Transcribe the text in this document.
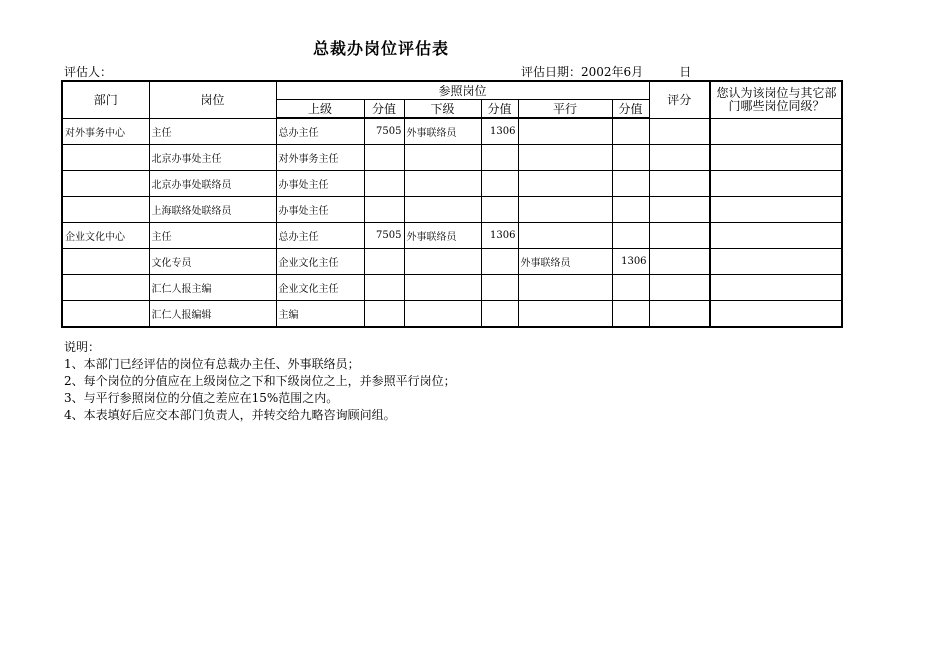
总裁办岗位评估表
评估人：	评估日期：2002年6月	日
部门	岗位	参照岗位						评分	您认为该岗位与其它部门哪些岗位同级？
		上级	分值	下级	分值	平行	分值		
对外事务中心	主任	总办主任	7505	外事联络员	1306				
	北京办事处主任	对外事务主任							
	北京办事处联络员	办事处主任							
	上海联络处联络员	办事处主任							
企业文化中心	主任	总办主任	7505	外事联络员	1306				
	文化专员	企业文化主任				外事联络员	1306		
	汇仁人报主编	企业文化主任							
	汇仁人报编辑	主编							
说明：
1、本部门已经评估的岗位有总裁办主任、外事联络员；
2、每个岗位的分值应在上级岗位之下和下级岗位之上，并参照平行岗位；
3、与平行参照岗位的分值之差应在15%范围之内。
4、本表填好后应交本部门负责人，并转交给九略咨询顾问组。
